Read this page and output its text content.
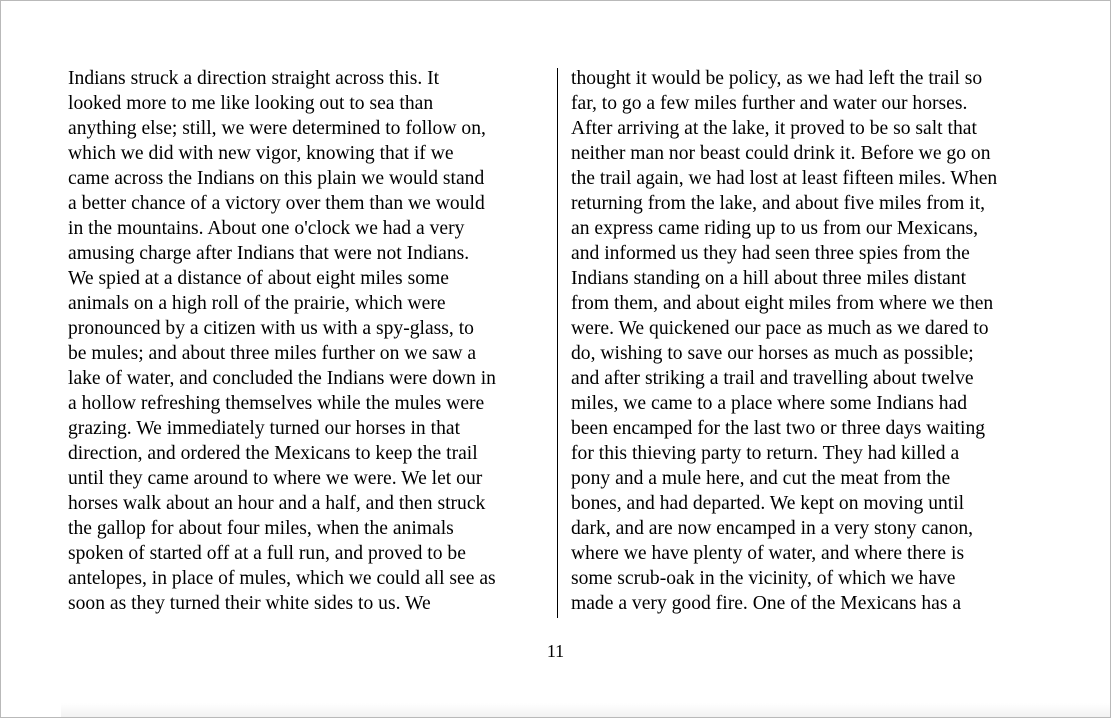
Indians struck a direction straight across this. It
looked more to me like looking out to sea than
anything else; still, we were determined to follow on,
which we did with new vigor, knowing that if we
came across the Indians on this plain we would stand
a better chance of a victory over them than we would
in the mountains. About one o'clock we had a very
amusing charge after Indians that were not Indians.
We spied at a distance of about eight miles some
animals on a high roll of the prairie, which were
pronounced by a citizen with us with a spy-glass, to
be mules; and about three miles further on we saw a
lake of water, and concluded the Indians were down in
a hollow refreshing themselves while the mules were
grazing. We immediately turned our horses in that
direction, and ordered the Mexicans to keep the trail
until they came around to where we were. We let our
horses walk about an hour and a half, and then struck
the gallop for about four miles, when the animals
spoken of started off at a full run, and proved to be
antelopes, in place of mules, which we could all see as
soon as they turned their white sides to us. We
thought it would be policy, as we had left the trail so
far, to go a few miles further and water our horses.
After arriving at the lake, it proved to be so salt that
neither man nor beast could drink it. Before we go on
the trail again, we had lost at least fifteen miles. When
returning from the lake, and about five miles from it,
an express came riding up to us from our Mexicans,
and informed us they had seen three spies from the
Indians standing on a hill about three miles distant
from them, and about eight miles from where we then
were. We quickened our pace as much as we dared to
do, wishing to save our horses as much as possible;
and after striking a trail and travelling about twelve
miles, we came to a place where some Indians had
been encamped for the last two or three days waiting
for this thieving party to return. They had killed a
pony and a mule here, and cut the meat from the
bones, and had departed. We kept on moving until
dark, and are now encamped in a very stony canon,
where we have plenty of water, and where there is
some scrub-oak in the vicinity, of which we have
made a very good fire. One of the Mexicans has a
11
